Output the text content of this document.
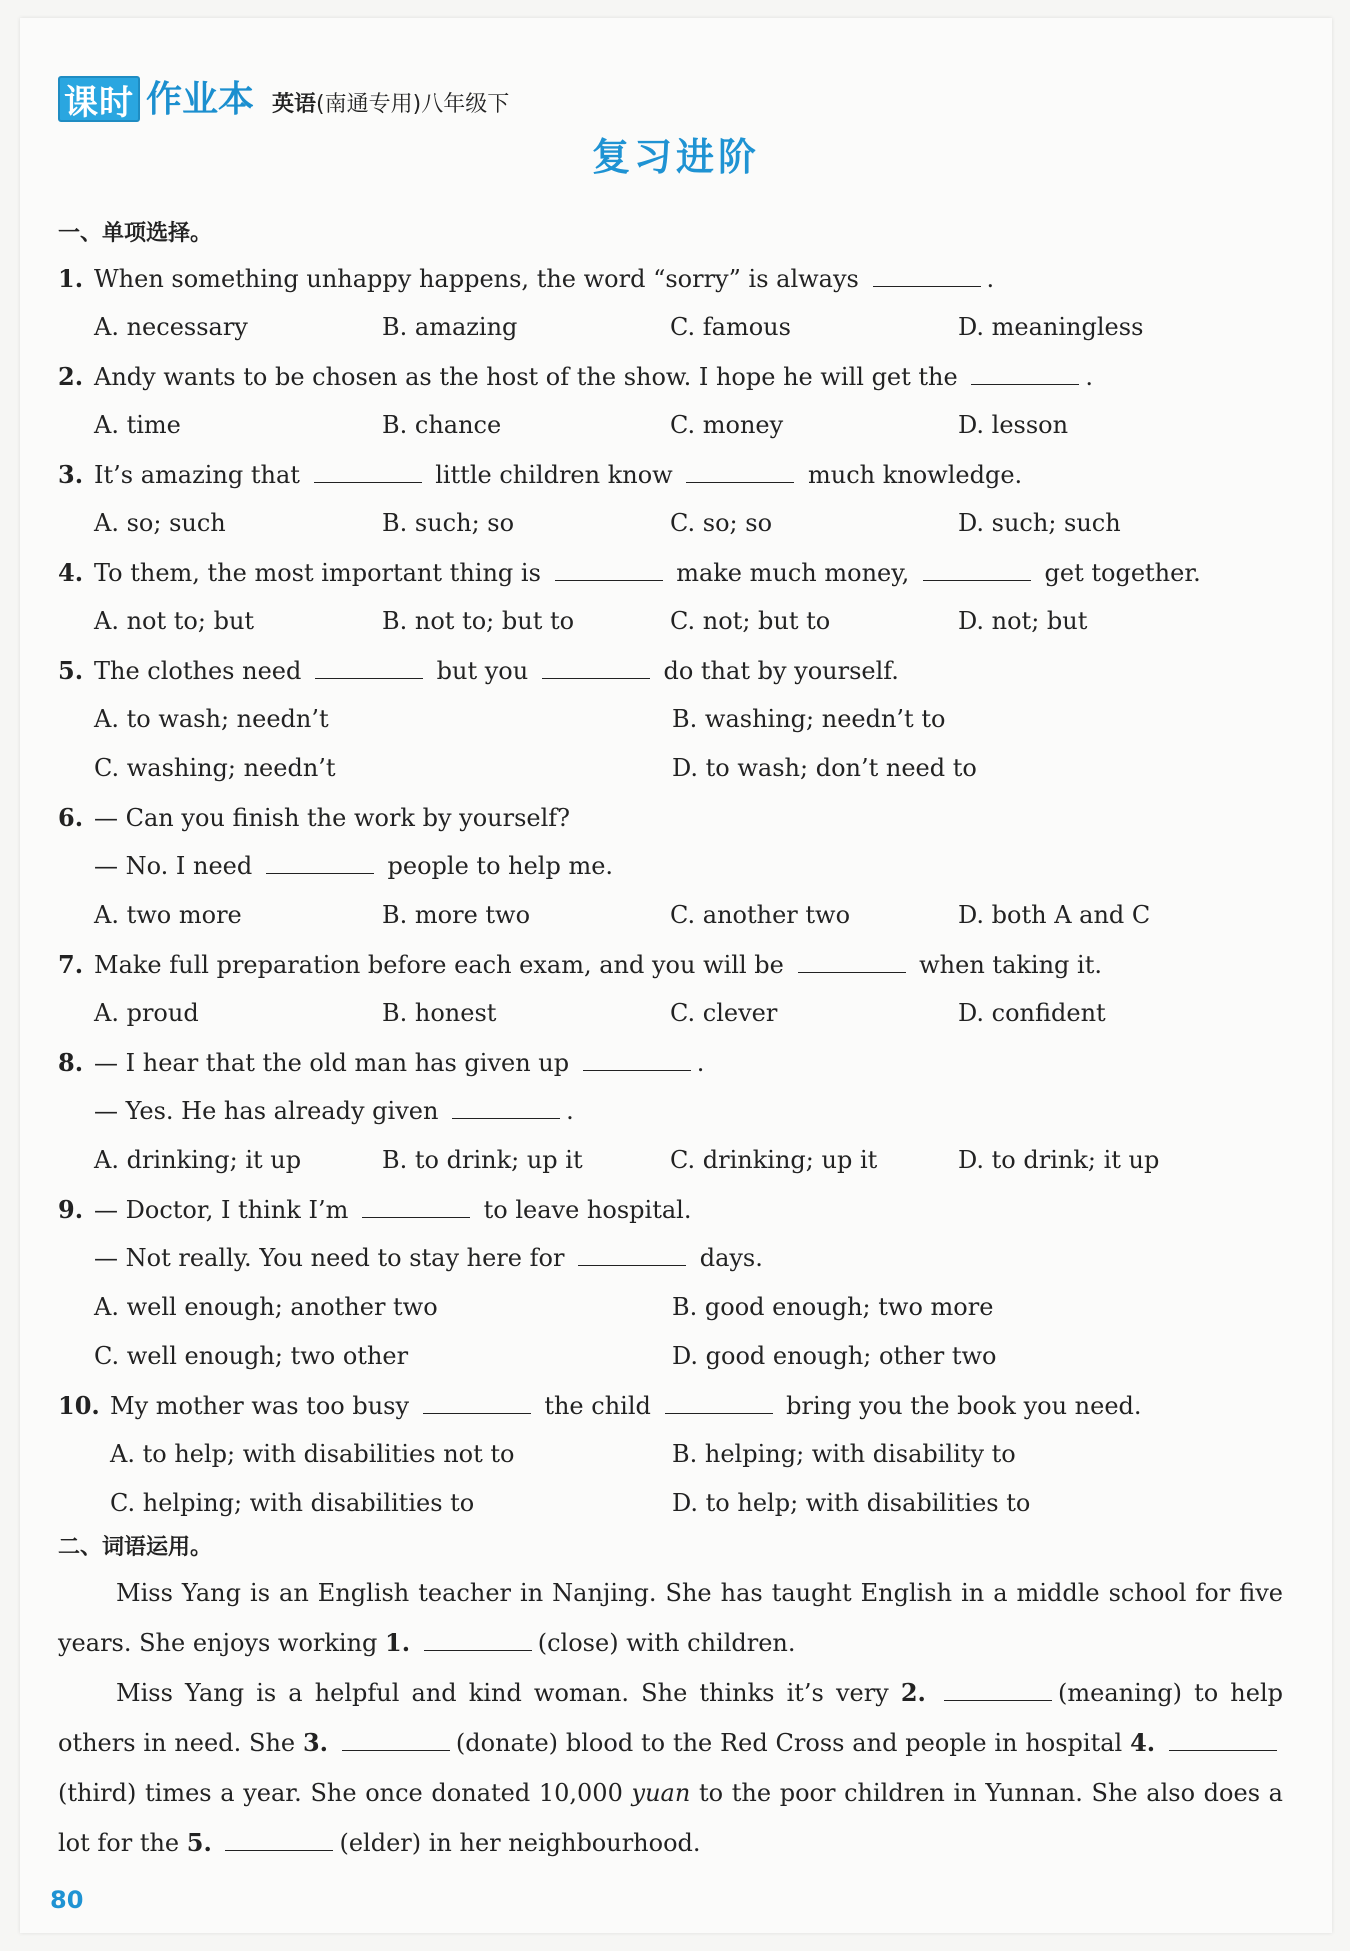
课时 作业本 英语(南通专用)八年级下
复习进阶
一、单项选择。
1. When something unhappy happens, the word “sorry” is always	.
A. necessary	B. amazing	C. famous	D. meaningless
2. Andy wants to be chosen as the host of the show. I hope he will get the	.
A. time	B. chance	C. money	D. lesson
3. It’s amazing that	little children know	much knowledge.
A. so; such	B. such; so	C. so; so	D. such; such
4. To them, the most important thing is	make much money,	get together.
A. not to; but	B. not to; but to	C. not; but to	D. not; but
5. The clothes need	but you	do that by yourself.
A. to wash; needn’t	B. washing; needn’t to
C. washing; needn’t	D. to wash; don’t need to
6. — Can you finish the work by yourself?
— No. I need	people to help me.
A. two more	B. more two	C. another two	D. both A and C
7. Make full preparation before each exam, and you will be	when taking it.
A. proud	B. honest	C. clever	D. confident
8. — I hear that the old man has given up	.
— Yes. He has already given	.
A. drinking; it up	B. to drink; up it	C. drinking; up it	D. to drink; it up
9. — Doctor, I think I’m	to leave hospital.
— Not really. You need to stay here for	days.
A. well enough; another two	B. good enough; two more
C. well enough; two other	D. good enough; other two
10. My mother was too busy	the child	bring you the book you need.
A. to help; with disabilities not to	B. helping; with disability to
C. helping; with disabilities to	D. to help; with disabilities to
二、词语运用。
Miss Yang is an English teacher in Nanjing. She has taught English in a middle school for five years. She enjoys working 1.	(close) with children.
Miss Yang is a helpful and kind woman. She thinks it’s very 2.	(meaning) to help others in need. She 3.	(donate) blood to the Red Cross and people in hospital 4. (third) times a year. She once donated 10,000 yuan to the poor children in Yunnan. She also does a lot for the 5.	(elder) in her neighbourhood.
80
